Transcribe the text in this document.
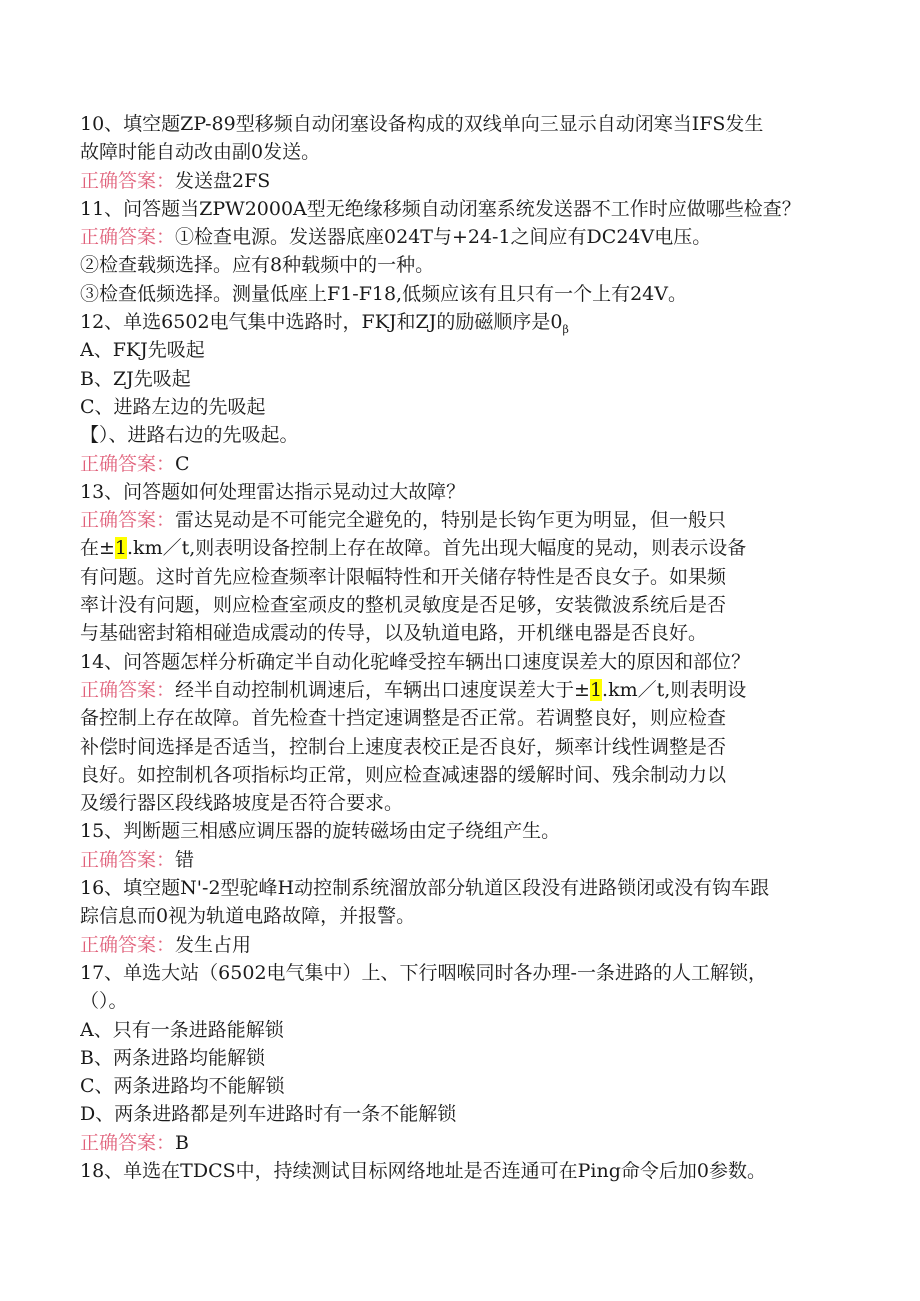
10、填空题ZP-89型移频自动闭塞设备构成的双线单向三显示自动闭寒当IFS发生
故障时能自动改由副0发送。
正确答案：发送盘2FS
11、问答题当ZPW2000A型无绝缘移频自动闭塞系统发送器不工作时应做哪些检查？
正确答案：①检查电源。发送器底座024T与+24-1之间应有DC24V电压。
②检查载频选择。应有8种载频中的一种。
③检查低频选择。测量低座上F1-F18,低频应该有且只有一个上有24V。
12、单选6502电气集中选路时，FKJ和ZJ的励磁顺序是$0_\beta$
A、FKJ先吸起
B、ZJ先吸起
C、进路左边的先吸起
【）、进路右边的先吸起。
正确答案：C
13、问答题如何处理雷达指示晃动过大故障？
正确答案：雷达晃动是不可能完全避免的，特别是长钩乍更为明显，但一般只
在±1.km／t,则表明设备控制上存在故障。首先出现大幅度的晃动，则表示设备
有问题。这时首先应检查频率计限幅特性和开关储存特性是否良女子。如果频
率计没有问题，则应检查室顽皮的整机灵敏度是否足够，安装微波系统后是否
与基础密封箱相碰造成震动的传导，以及轨道电路，开机继电器是否良好。
14、问答题怎样分析确定半自动化驼峰受控车辆出口速度误差大的原因和部位？
正确答案：经半自动控制机调速后，车辆出口速度误差大于±1.km／t,则表明设
备控制上存在故障。首先检查十挡定速调整是否正常。若调整良好，则应检查
补偿时间选择是否适当，控制台上速度表校正是否良好，频率计线性调整是否
良好。如控制机各项指标均正常，则应检查减速器的缓解时间、残余制动力以
及缓行器区段线路坡度是否符合要求。
15、判断题三相感应调压器的旋转磁场由定子绕组产生。
正确答案：错
16、填空题N'-2型驼峰H动控制系统溜放部分轨道区段没有进路锁闭或没有钩车跟
踪信息而0视为轨道电路故障，并报警。
正确答案：发生占用
17、单选大站（6502电气集中）上、下行咽喉同时各办理-一条进路的人工解锁，
（）。
A、只有一条进路能解锁
B、两条进路均能解锁
C、两条进路均不能解锁
D、两条进路都是列车进路时有一条不能解锁
正确答案：B
18、单选在TDCS中，持续测试目标网络地址是否连通可在Ping命令后加0参数。
